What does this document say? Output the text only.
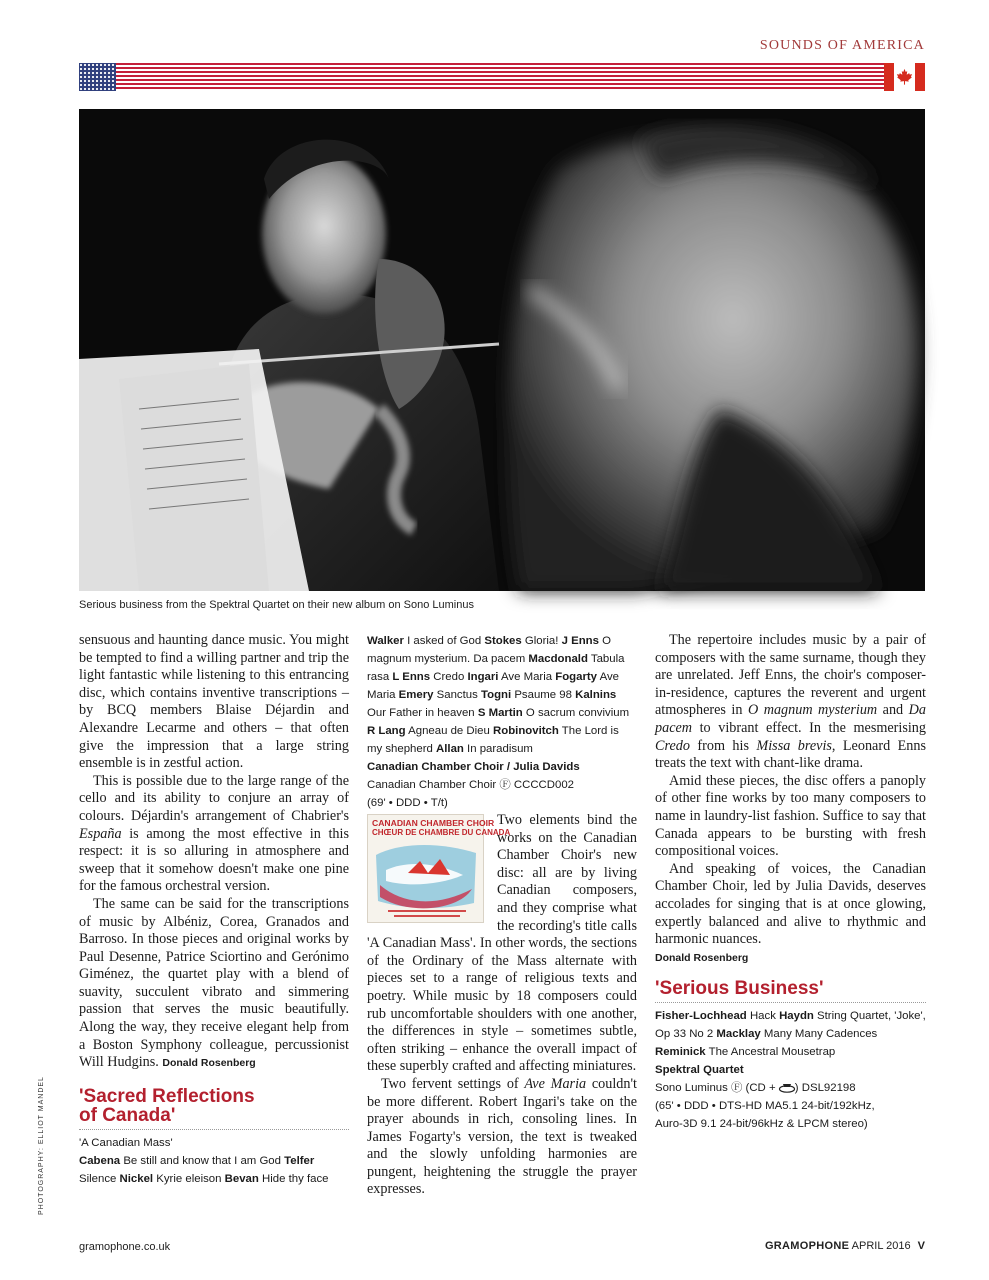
SOUNDS OF AMERICA
Serious business from the Spektral Quartet on their new album on Sono Luminus

sensuous and haunting dance music. You might be tempted to find a willing partner and trip the light fantastic while listening to this entrancing disc, which contains inventive transcriptions – by BCQ members Blaise Déjardin and Alexandre Lecarme and others – that often give the impression that a large string ensemble is in zestful action.

This is possible due to the large range of the cello and its ability to conjure an array of colours. Déjardin's arrangement of Chabrier's España is among the most effective in this respect: it is so alluring in atmosphere and sweep that it somehow doesn't make one pine for the famous orchestral version.

The same can be said for the transcriptions of music by Albéniz, Corea, Granados and Barroso. In those pieces and original works by Paul Desenne, Patrice Sciortino and Gerónimo Giménez, the quartet play with a blend of suavity, succulent vibrato and simmering passion that serves the music beautifully. Along the way, they receive elegant help from a Boston Symphony colleague, percussionist Will Hudgins. Donald Rosenberg

'Sacred Reflections
of Canada'
'A Canadian Mass'
Cabena Be still and know that I am God Telfer Silence Nickel Kyrie eleison Bevan Hide thy face
Walker I asked of God Stokes Gloria! J Enns O magnum mysterium. Da pacem Macdonald Tabula rasa L Enns Credo Ingari Ave Maria Fogarty Ave Maria Emery Sanctus Togni Psaume 98 Kalnins Our Father in heaven S Martin O sacrum convivium R Lang Agneau de Dieu Robinovitch The Lord is my shepherd Allan In paradisum
Canadian Chamber Choir / Julia Davids
Canadian Chamber Choir Ⓕ CCCCD002
(69' • DDD • T/t)
CANADIAN CHAMBER CHOIR
CHŒUR DE CHAMBRE DU CANADA

Two elements bind the works on the Canadian Chamber Choir's new disc: all are by living Canadian composers, and they comprise what the recording's title calls 'A Canadian Mass'. In other words, the sections of the Ordinary of the Mass alternate with pieces set to a range of religious texts and poetry. While music by 18 composers could rub uncomfortable shoulders with one another, the differences in style – sometimes subtle, often striking – enhance the overall impact of these superbly crafted and affecting miniatures.

Two fervent settings of Ave Maria couldn't be more different. Robert Ingari's take on the prayer abounds in rich, consoling lines. In James Fogarty's version, the text is tweaked and the slowly unfolding harmonies are pungent, heightening the struggle the prayer expresses.

The repertoire includes music by a pair of composers with the same surname, though they are unrelated. Jeff Enns, the choir's composer-in-residence, captures the reverent and urgent atmospheres in O magnum mysterium and Da pacem to vibrant effect. In the mesmerising Credo from his Missa brevis, Leonard Enns treats the text with chant-like drama.

Amid these pieces, the disc offers a panoply of other fine works by too many composers to name in laundry-list fashion. Suffice to say that Canada appears to be bursting with fresh compositional voices.

And speaking of voices, the Canadian Chamber Choir, led by Julia Davids, deserves accolades for singing that is at once glowing, expertly balanced and alive to rhythmic and harmonic nuances.

Donald Rosenberg
'Serious Business'
Fisher-Lochhead Hack Haydn String Quartet, 'Joke', Op 33 No 2 Macklay Many Many Cadences Reminick The Ancestral Mousetrap
Spektral Quartet
Sono Luminus Ⓕ (CD + ) DSL92198
(65' • DDD • DTS-HD MA5.1 24-bit/192kHz,
Auro-3D 9.1 24-bit/96kHz & LPCM stereo)
PHOTOGRAPHY: ELLIOT MANDEL
gramophone.co.uk	GRAMOPHONE APRIL 2016 V
